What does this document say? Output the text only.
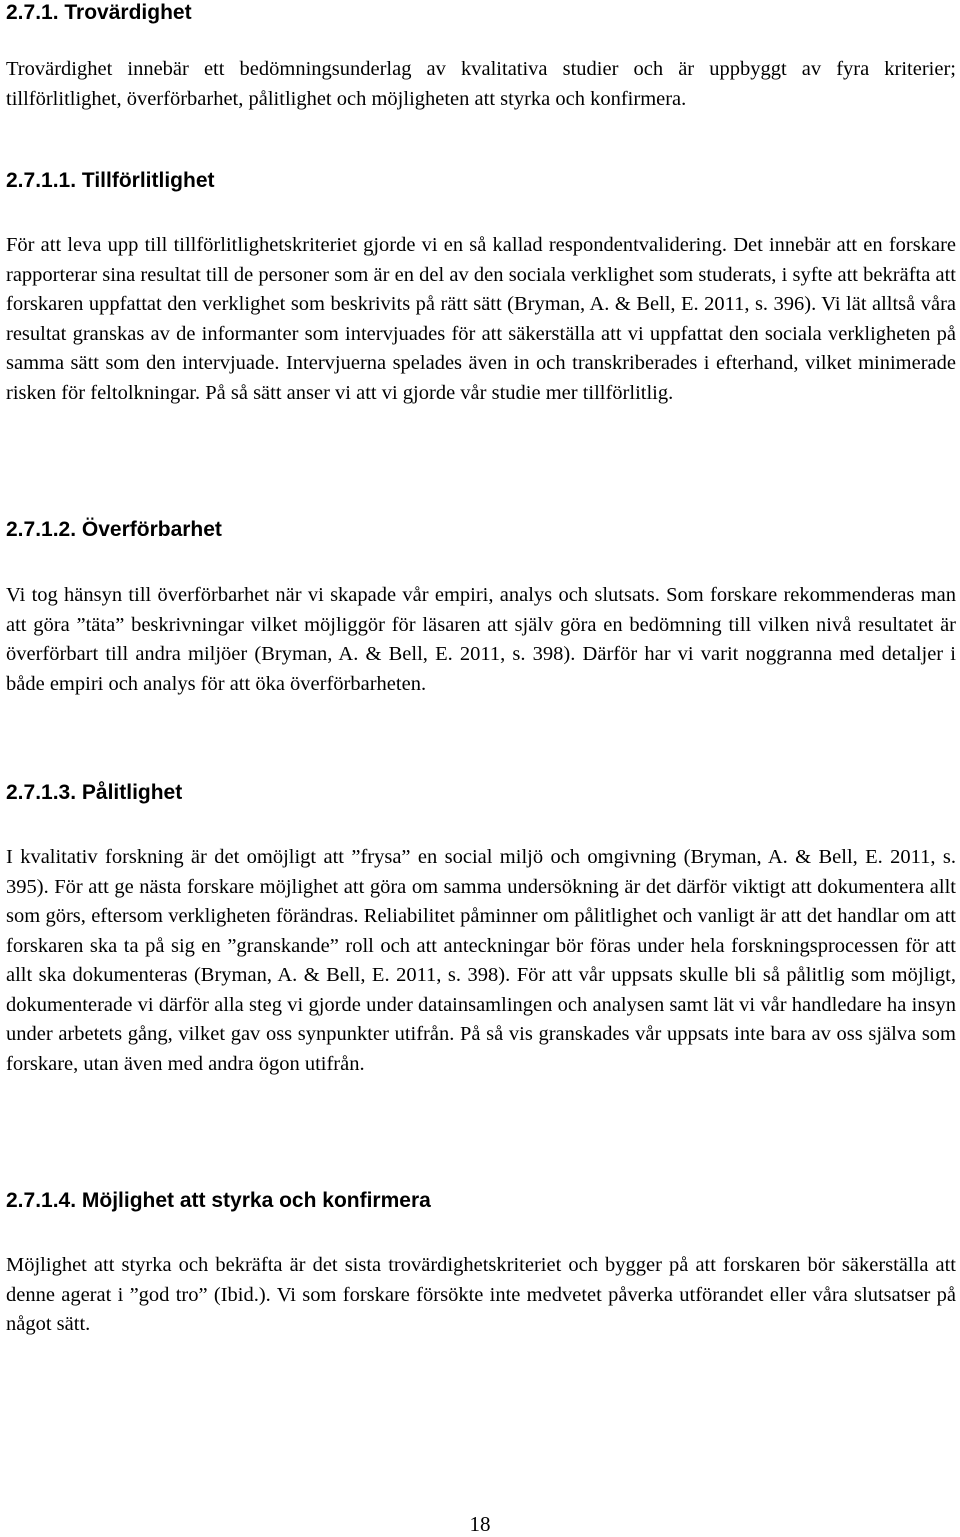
2.7.1. Trovärdighet

Trovärdighet innebär ett bedömningsunderlag av kvalitativa studier och är uppbyggt av fyra kriterier; tillförlitlighet, överförbarhet, pålitlighet och möjligheten att styrka och konfirmera.

2.7.1.1. Tillförlitlighet

För att leva upp till tillförlitlighetskriteriet gjorde vi en så kallad respondentvalidering. Det innebär att en forskare rapporterar sina resultat till de personer som är en del av den sociala verklighet som studerats, i syfte att bekräfta att forskaren uppfattat den verklighet som beskrivits på rätt sätt (Bryman, A. & Bell, E. 2011, s. 396). Vi lät alltså våra resultat granskas av de informanter som intervjuades för att säkerställa att vi uppfattat den sociala verkligheten på samma sätt som den intervjuade. Intervjuerna spelades även in och transkriberades i efterhand, vilket minimerade risken för feltolkningar. På så sätt anser vi att vi gjorde vår studie mer tillförlitlig.

2.7.1.2. Överförbarhet

Vi tog hänsyn till överförbarhet när vi skapade vår empiri, analys och slutsats. Som forskare rekommenderas man att göra ”täta” beskrivningar vilket möjliggör för läsaren att själv göra en bedömning till vilken nivå resultatet är överförbart till andra miljöer (Bryman, A. & Bell, E. 2011, s. 398). Därför har vi varit noggranna med detaljer i både empiri och analys för att öka överförbarheten.

2.7.1.3. Pålitlighet

I kvalitativ forskning är det omöjligt att ”frysa” en social miljö och omgivning (Bryman, A. & Bell, E. 2011, s. 395). För att ge nästa forskare möjlighet att göra om samma undersökning är det därför viktigt att dokumentera allt som görs, eftersom verkligheten förändras. Reliabilitet påminner om pålitlighet och vanligt är att det handlar om att forskaren ska ta på sig en ”granskande” roll och att anteckningar bör föras under hela forskningsprocessen för att allt ska dokumenteras (Bryman, A. & Bell, E. 2011, s. 398). För att vår uppsats skulle bli så pålitlig som möjligt, dokumenterade vi därför alla steg vi gjorde under datainsamlingen och analysen samt lät vi vår handledare ha insyn under arbetets gång, vilket gav oss synpunkter utifrån. På så vis granskades vår uppsats inte bara av oss själva som forskare, utan även med andra ögon utifrån.

2.7.1.4. Möjlighet att styrka och konfirmera

Möjlighet att styrka och bekräfta är det sista trovärdighetskriteriet och bygger på att forskaren bör säkerställa att denne agerat i ”god tro” (Ibid.). Vi som forskare försökte inte medvetet påverka utförandet eller våra slutsatser på något sätt.

18
